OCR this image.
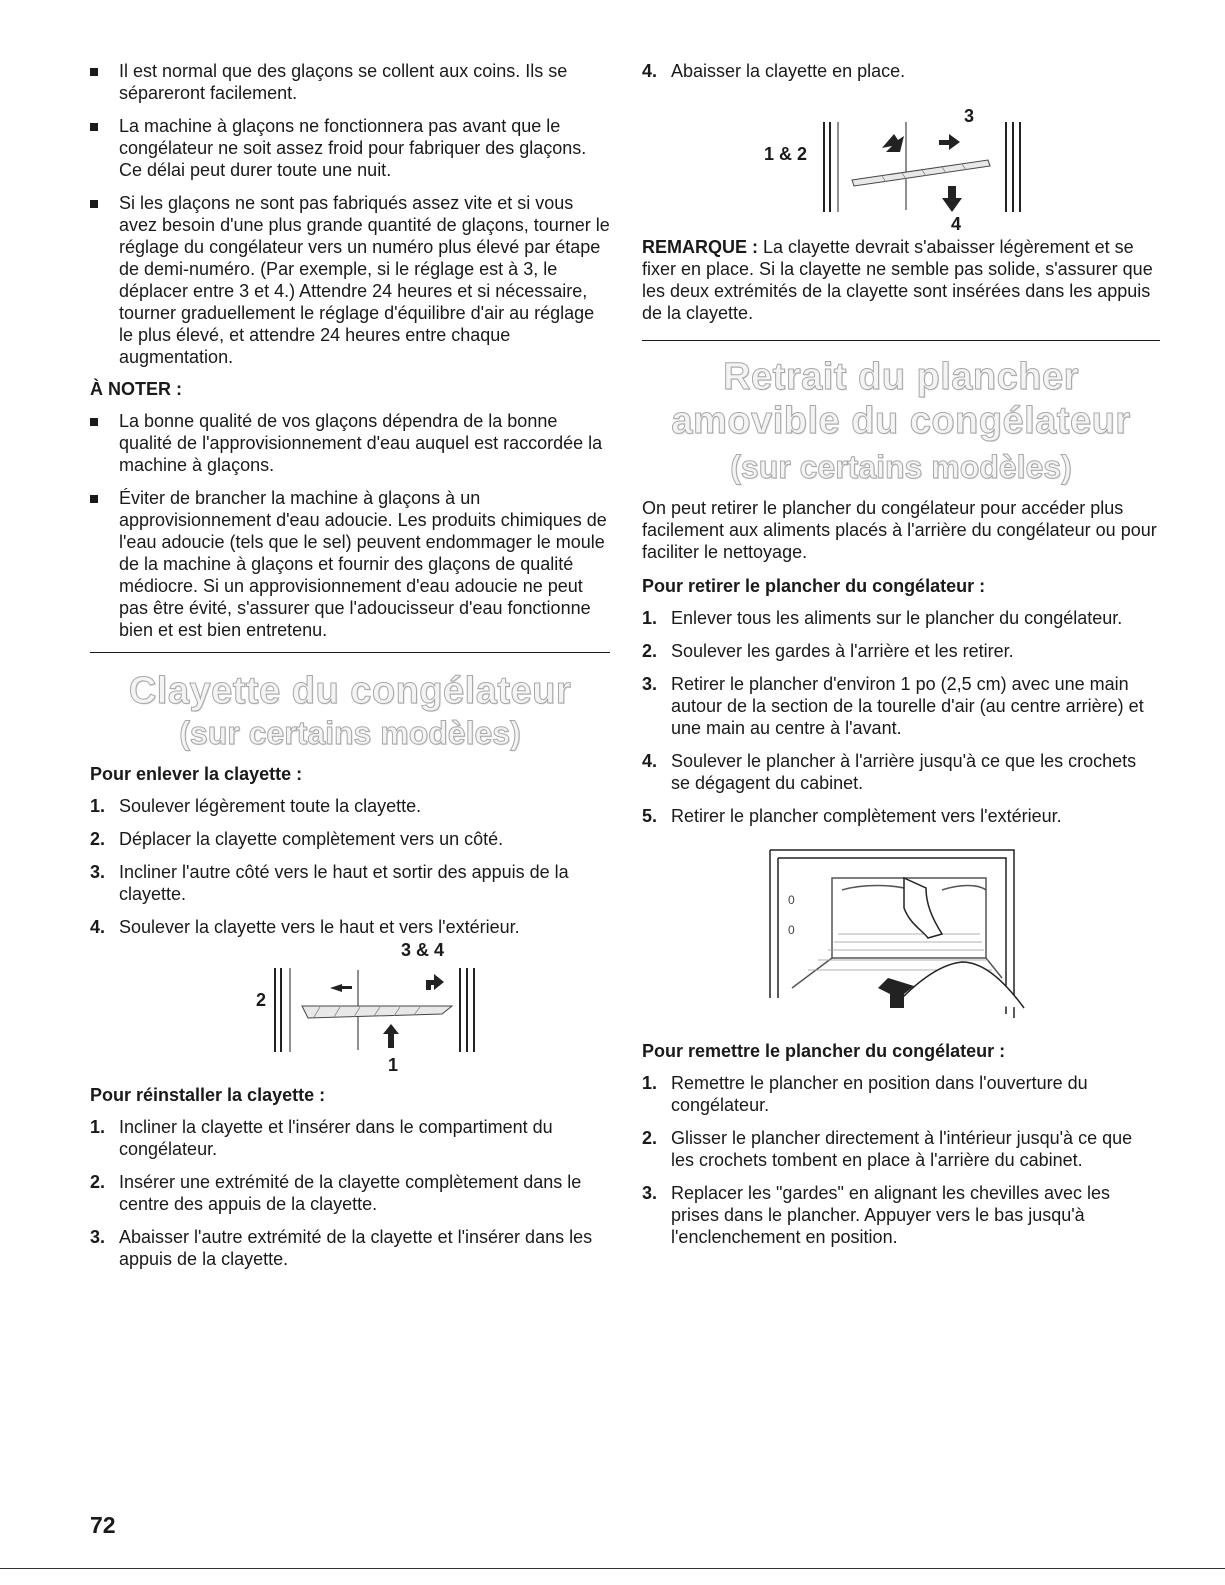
Il est normal que des glaçons se collent aux coins. Ils se sépareront facilement.
La machine à glaçons ne fonctionnera pas avant que le congélateur ne soit assez froid pour fabriquer des glaçons. Ce délai peut durer toute une nuit.
Si les glaçons ne sont pas fabriqués assez vite et si vous avez besoin d'une plus grande quantité de glaçons, tourner le réglage du congélateur vers un numéro plus élevé par étape de demi-numéro. (Par exemple, si le réglage est à 3, le déplacer entre 3 et 4.) Attendre 24 heures et si nécessaire, tourner graduellement le réglage d'équilibre d'air au réglage le plus élevé, et attendre 24 heures entre chaque augmentation.
À NOTER :
La bonne qualité de vos glaçons dépendra de la bonne qualité de l'approvisionnement d'eau auquel est raccordée la machine à glaçons.
Éviter de brancher la machine à glaçons à un approvisionnement d'eau adoucie. Les produits chimiques de l'eau adoucie (tels que le sel) peuvent endommager le moule de la machine à glaçons et fournir des glaçons de qualité médiocre. Si un approvisionnement d'eau adoucie ne peut pas être évité, s'assurer que l'adoucisseur d'eau fonctionne bien et est bien entretenu.
Clayette du congélateur
(sur certains modèles)
Pour enlever la clayette :
1. Soulever légèrement toute la clayette.
2. Déplacer la clayette complètement vers un côté.
3. Incliner l'autre côté vers le haut et sortir des appuis de la clayette.
4. Soulever la clayette vers le haut et vers l'extérieur.
3 & 4
2
1
Pour réinstaller la clayette :
1. Incliner la clayette et l'insérer dans le compartiment du congélateur.
2. Insérer une extrémité de la clayette complètement dans le centre des appuis de la clayette.
3. Abaisser l'autre extrémité de la clayette et l'insérer dans les appuis de la clayette.
4. Abaisser la clayette en place.
1 & 2
3
4

REMARQUE : La clayette devrait s'abaisser légèrement et se fixer en place. Si la clayette ne semble pas solide, s'assurer que les deux extrémités de la clayette sont insérées dans les appuis de la clayette.

Retrait du plancher
amovible du congélateur
(sur certains modèles)

On peut retirer le plancher du congélateur pour accéder plus facilement aux aliments placés à l'arrière du congélateur ou pour faciliter le nettoyage.

Pour retirer le plancher du congélateur :
1. Enlever tous les aliments sur le plancher du congélateur.
2. Soulever les gardes à l'arrière et les retirer.
3. Retirer le plancher d'environ 1 po (2,5 cm) avec une main autour de la section de la tourelle d'air (au centre arrière) et une main au centre à l'avant.
4. Soulever le plancher à l'arrière jusqu'à ce que les crochets se dégagent du cabinet.
5. Retirer le plancher complètement vers l'extérieur.
0
0
Pour remettre le plancher du congélateur :
1. Remettre le plancher en position dans l'ouverture du congélateur.
2. Glisser le plancher directement à l'intérieur jusqu'à ce que les crochets tombent en place à l'arrière du cabinet.
3. Replacer les "gardes" en alignant les chevilles avec les prises dans le plancher. Appuyer vers le bas jusqu'à l'enclenchement en position.
72
